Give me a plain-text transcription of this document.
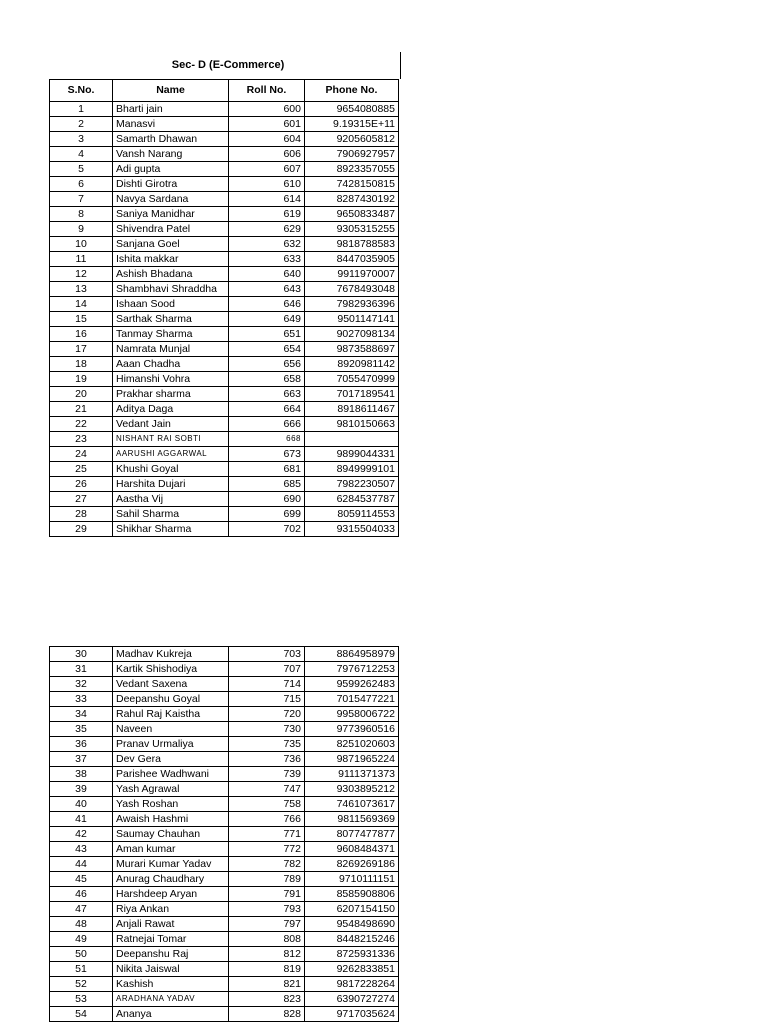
Sec- D (E-Commerce)
S.No.	Name	Roll No.	Phone No.
1	Bharti jain	600	9654080885
2	Manasvi	601	9.19315E+11
3	Samarth Dhawan	604	9205605812
4	Vansh Narang	606	7906927957
5	Adi gupta	607	8923357055
6	Dishti Girotra	610	7428150815
7	Navya Sardana	614	8287430192
8	Saniya Manidhar	619	9650833487
9	Shivendra Patel	629	9305315255
10	Sanjana Goel	632	9818788583
11	Ishita makkar	633	8447035905
12	Ashish Bhadana	640	9911970007
13	Shambhavi Shraddha	643	7678493048
14	Ishaan Sood	646	7982936396
15	Sarthak Sharma	649	9501147141
16	Tanmay Sharma	651	9027098134
17	Namrata Munjal	654	9873588697
18	Aaan Chadha	656	8920981142
19	Himanshi Vohra	658	7055470999
20	Prakhar sharma	663	7017189541
21	Aditya Daga	664	8918611467
22	Vedant Jain	666	9810150663
23	NISHANT RAI SOBTI	668	
24	AARUSHI AGGARWAL	673	9899044331
25	Khushi Goyal	681	8949999101
26	Harshita Dujari	685	7982230507
27	Aastha Vij	690	6284537787
28	Sahil Sharma	699	8059114553
29	Shikhar Sharma	702	9315504033
30	Madhav Kukreja	703	8864958979
31	Kartik Shishodiya	707	7976712253
32	Vedant Saxena	714	9599262483
33	Deepanshu Goyal	715	7015477221
34	Rahul Raj Kaistha	720	9958006722
35	Naveen	730	9773960516
36	Pranav Urmaliya	735	8251020603
37	Dev Gera	736	9871965224
38	Parishee Wadhwani	739	9111371373
39	Yash Agrawal	747	9303895212
40	Yash Roshan	758	7461073617
41	Awaish Hashmi	766	9811569369
42	Saumay Chauhan	771	8077477877
43	Aman kumar	772	9608484371
44	Murari Kumar Yadav	782	8269269186
45	Anurag Chaudhary	789	9710111151
46	Harshdeep Aryan	791	8585908806
47	Riya Ankan	793	6207154150
48	Anjali Rawat	797	9548498690
49	Ratnejai Tomar	808	8448215246
50	Deepanshu Raj	812	8725931336
51	Nikita Jaiswal	819	9262833851
52	Kashish	821	9817228264
53	ARADHANA YADAV	823	6390727274
54	Ananya	828	9717035624
